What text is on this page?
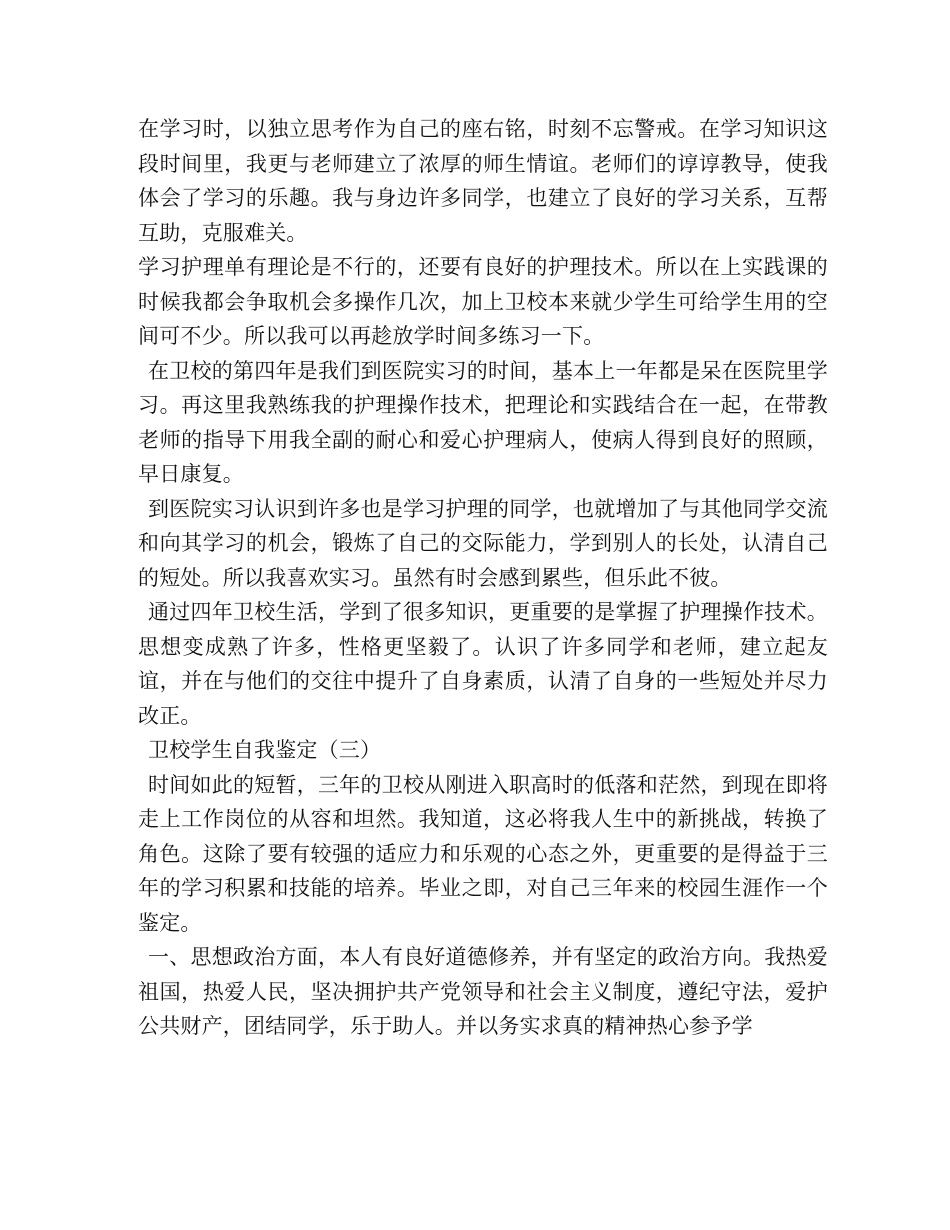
在学习时，以独立思考作为自己的座右铭，时刻不忘警戒。在学习知识这段时间里，我更与老师建立了浓厚的师生情谊。老师们的谆谆教导，使我体会了学习的乐趣。我与身边许多同学，也建立了良好的学习关系，互帮互助，克服难关。

学习护理单有理论是不行的，还要有良好的护理技术。所以在上实践课的时候我都会争取机会多操作几次，加上卫校本来就少学生可给学生用的空间可不少。所以我可以再趁放学时间多练习一下。

在卫校的第四年是我们到医院实习的时间，基本上一年都是呆在医院里学习。再这里我熟练我的护理操作技术，把理论和实践结合在一起，在带教老师的指导下用我全副的耐心和爱心护理病人，使病人得到良好的照顾，早日康复。

到医院实习认识到许多也是学习护理的同学，也就增加了与其他同学交流和向其学习的机会，锻炼了自己的交际能力，学到别人的长处，认清自己的短处。所以我喜欢实习。虽然有时会感到累些，但乐此不彼。

通过四年卫校生活，学到了很多知识，更重要的是掌握了护理操作技术。思想变成熟了许多，性格更坚毅了。认识了许多同学和老师，建立起友谊，并在与他们的交往中提升了自身素质，认清了自身的一些短处并尽力改正。

卫校学生自我鉴定（三）

时间如此的短暂，三年的卫校从刚进入职高时的低落和茫然，到现在即将走上工作岗位的从容和坦然。我知道，这必将我人生中的新挑战，转换了角色。这除了要有较强的适应力和乐观的心态之外，更重要的是得益于三年的学习积累和技能的培养。毕业之即，对自己三年来的校园生涯作一个鉴定。

一、思想政治方面，本人有良好道德修养，并有坚定的政治方向。我热爱祖国，热爱人民，坚决拥护共产党领导和社会主义制度，遵纪守法，爱护公共财产，团结同学，乐于助人。并以务实求真的精神热心参予学
